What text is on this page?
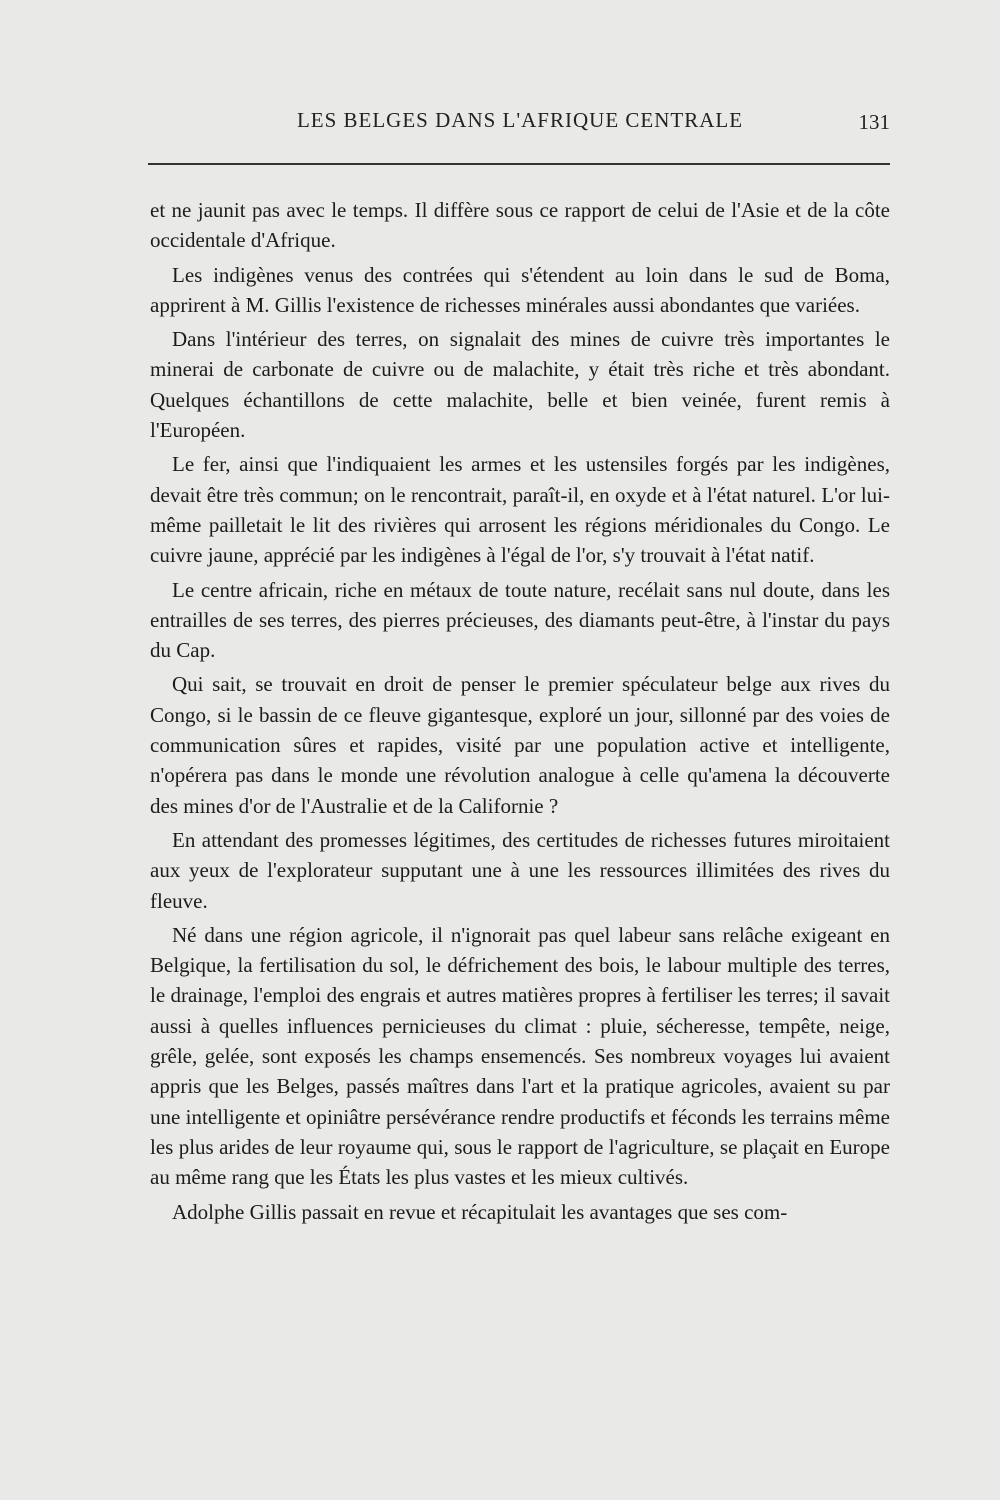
LES BELGES DANS L'AFRIQUE CENTRALE	131

et ne jaunit pas avec le temps. Il diffère sous ce rapport de celui de l'Asie et de la côte occidentale d'Afrique.

Les indigènes venus des contrées qui s'étendent au loin dans le sud de Boma, apprirent à M. Gillis l'existence de richesses minérales aussi abondantes que variées.

Dans l'intérieur des terres, on signalait des mines de cuivre très importantes le minerai de carbonate de cuivre ou de malachite, y était très riche et très abondant. Quelques échantillons de cette malachite, belle et bien veinée, furent remis à l'Européen.

Le fer, ainsi que l'indiquaient les armes et les ustensiles forgés par les indigènes, devait être très commun; on le rencontrait, paraît-il, en oxyde et à l'état naturel. L'or lui-même pailletait le lit des rivières qui arrosent les régions méridionales du Congo. Le cuivre jaune, apprécié par les indigènes à l'égal de l'or, s'y trouvait à l'état natif.

Le centre africain, riche en métaux de toute nature, recélait sans nul doute, dans les entrailles de ses terres, des pierres précieuses, des diamants peut-être, à l'instar du pays du Cap.

Qui sait, se trouvait en droit de penser le premier spéculateur belge aux rives du Congo, si le bassin de ce fleuve gigantesque, exploré un jour, sillonné par des voies de communication sûres et rapides, visité par une population active et intelligente, n'opérera pas dans le monde une révolution analogue à celle qu'amena la découverte des mines d'or de l'Australie et de la Californie ?

En attendant des promesses légitimes, des certitudes de richesses futures miroitaient aux yeux de l'explorateur supputant une à une les ressources illimitées des rives du fleuve.

Né dans une région agricole, il n'ignorait pas quel labeur sans relâche exigeant en Belgique, la fertilisation du sol, le défrichement des bois, le labour multiple des terres, le drainage, l'emploi des engrais et autres matières propres à fertiliser les terres; il savait aussi à quelles influences pernicieuses du climat : pluie, sécheresse, tempête, neige, grêle, gelée, sont exposés les champs ensemencés. Ses nombreux voyages lui avaient appris que les Belges, passés maîtres dans l'art et la pratique agricoles, avaient su par une intelligente et opiniâtre persévérance rendre productifs et féconds les terrains même les plus arides de leur royaume qui, sous le rapport de l'agriculture, se plaçait en Europe au même rang que les États les plus vastes et les mieux cultivés.

Adolphe Gillis passait en revue et récapitulait les avantages que ses com-
